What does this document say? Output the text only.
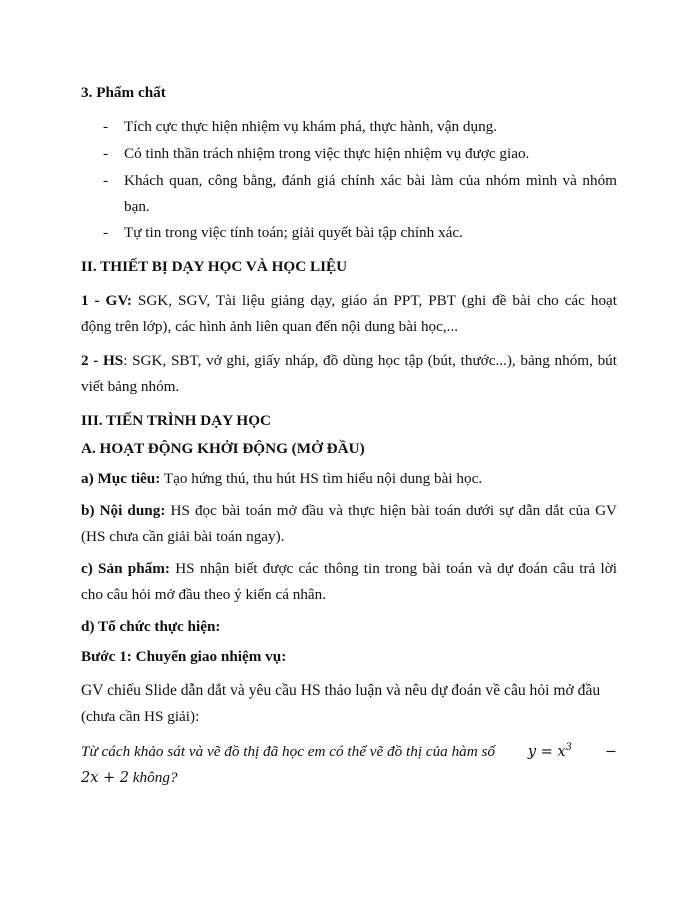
3. Phẩm chất

- Tích cực thực hiện nhiệm vụ khám phá, thực hành, vận dụng.
- Có tinh thần trách nhiệm trong việc thực hiện nhiệm vụ được giao.
- Khách quan, công bằng, đánh giá chính xác bài làm của nhóm mình và nhóm
bạn.
- Tự tin trong việc tính toán; giải quyết bài tập chính xác.

II. THIẾT BỊ DẠY HỌC VÀ HỌC LIỆU

1 - GV: SGK, SGV, Tài liệu giảng dạy, giáo án PPT, PBT (ghi đề bài cho các hoạt

động trên lớp), các hình ảnh liên quan đến nội dung bài học,...

2 - HS: SGK, SBT, vở ghi, giấy nháp, đồ dùng học tập (bút, thước...), bảng nhóm, bút

viết bảng nhóm.

III. TIẾN TRÌNH DẠY HỌC

A. HOẠT ĐỘNG KHỞI ĐỘNG (MỞ ĐẦU)

a) Mục tiêu: Tạo hứng thú, thu hút HS tìm hiểu nội dung bài học.

b) Nội dung: HS đọc bài toán mở đầu và thực hiện bài toán dưới sự dẫn dắt của GV

(HS chưa cần giải bài toán ngay).

c) Sản phẩm: HS nhận biết được các thông tin trong bài toán và dự đoán câu trả lời

cho câu hỏi mở đầu theo ý kiến cá nhân.

d) Tổ chức thực hiện:

Bước 1: Chuyển giao nhiệm vụ:

GV chiếu Slide dẫn dắt và yêu cầu HS thảo luận và nêu dự đoán về câu hỏi mở đầu

(chưa cần HS giải):

Từ cách khảo sát và vẽ đồ thị đã học em có thể vẽ đồ thị của hàm số $y = x^3$ −

2x + 2 không?
